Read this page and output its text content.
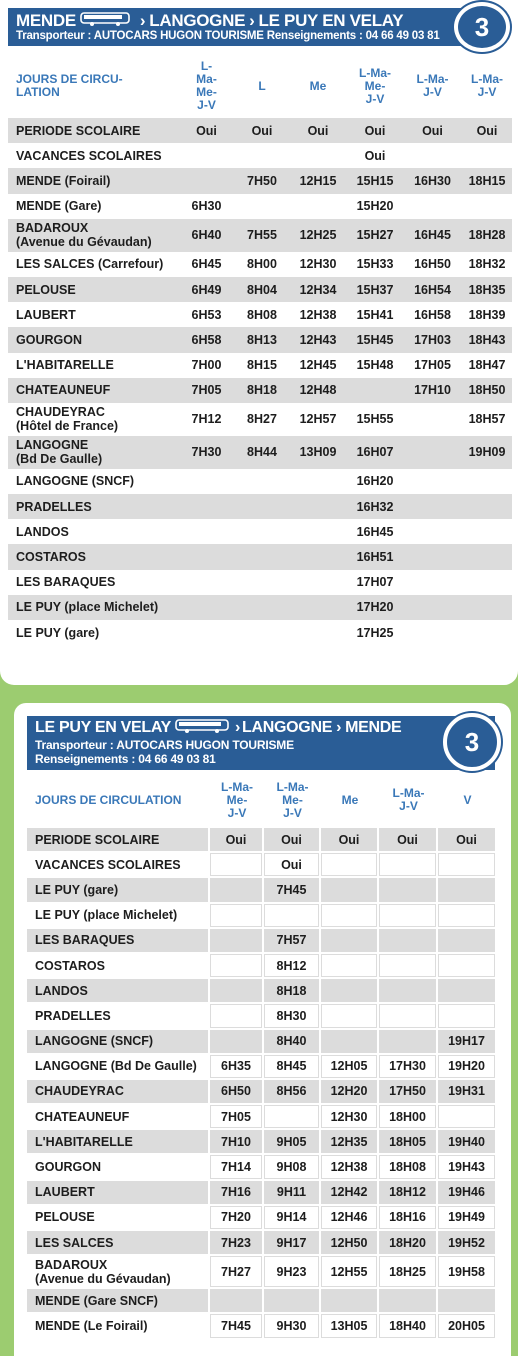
MENDE	› LANGOGNE › LE PUY EN VELAY
Transporteur : AUTOCARS HUGON TOURISME Renseignements : 04 66 49 03 81	3
JOURS DE CIRCU-
LATION	L-
Ma-
Me-
J-V	L	Me	L-Ma-
Me-
J-V	L-Ma-
J-V	L-Ma-
J-V
PERIODE SCOLAIRE	Oui	Oui	Oui	Oui	Oui	Oui
VACANCES SCOLAIRES				Oui		
MENDE (Foirail)		7H50	12H15	15H15	16H30	18H15
MENDE (Gare)	6H30			15H20		
BADAROUX
(Avenue du Gévaudan)	6H40	7H55	12H25	15H27	16H45	18H28
LES SALCES (Carrefour)	6H45	8H00	12H30	15H33	16H50	18H32
PELOUSE	6H49	8H04	12H34	15H37	16H54	18H35
LAUBERT	6H53	8H08	12H38	15H41	16H58	18H39
GOURGON	6H58	8H13	12H43	15H45	17H03	18H43
L'HABITARELLE	7H00	8H15	12H45	15H48	17H05	18H47
CHATEAUNEUF	7H05	8H18	12H48		17H10	18H50
CHAUDEYRAC
(Hôtel de France)	7H12	8H27	12H57	15H55		18H57
LANGOGNE
(Bd De Gaulle)	7H30	8H44	13H09	16H07		19H09
LANGOGNE (SNCF)				16H20		
PRADELLES				16H32		
LANDOS				16H45		
COSTAROS				16H51		
LES BARAQUES				17H07		
LE PUY (place Michelet)				17H20		
LE PUY (gare)				17H25		
LE PUY EN VELAY	› LANGOGNE › MENDE
Transporteur : AUTOCARS HUGON TOURISME
Renseignements : 04 66 49 03 81
3
JOURS DE CIRCULATION	L-Ma-
Me-
J-V	L-Ma-
Me-
J-V	Me	L-Ma-
J-V	V
PERIODE SCOLAIRE	Oui	Oui	Oui	Oui	Oui
VACANCES SCOLAIRES		Oui			
LE PUY (gare)		7H45			
LE PUY (place Michelet)					
LES BARAQUES		7H57			
COSTAROS		8H12			
LANDOS		8H18			
PRADELLES		8H30			
LANGOGNE (SNCF)		8H40			19H17
LANGOGNE (Bd De Gaulle)	6H35	8H45	12H05	17H30	19H20
CHAUDEYRAC	6H50	8H56	12H20	17H50	19H31
CHATEAUNEUF	7H05		12H30	18H00	
L'HABITARELLE	7H10	9H05	12H35	18H05	19H40
GOURGON	7H14	9H08	12H38	18H08	19H43
LAUBERT	7H16	9H11	12H42	18H12	19H46
PELOUSE	7H20	9H14	12H46	18H16	19H49
LES SALCES	7H23	9H17	12H50	18H20	19H52
BADAROUX
(Avenue du Gévaudan)	7H27	9H23	12H55	18H25	19H58
MENDE (Gare SNCF)					
MENDE (Le Foirail)	7H45	9H30	13H05	18H40	20H05
